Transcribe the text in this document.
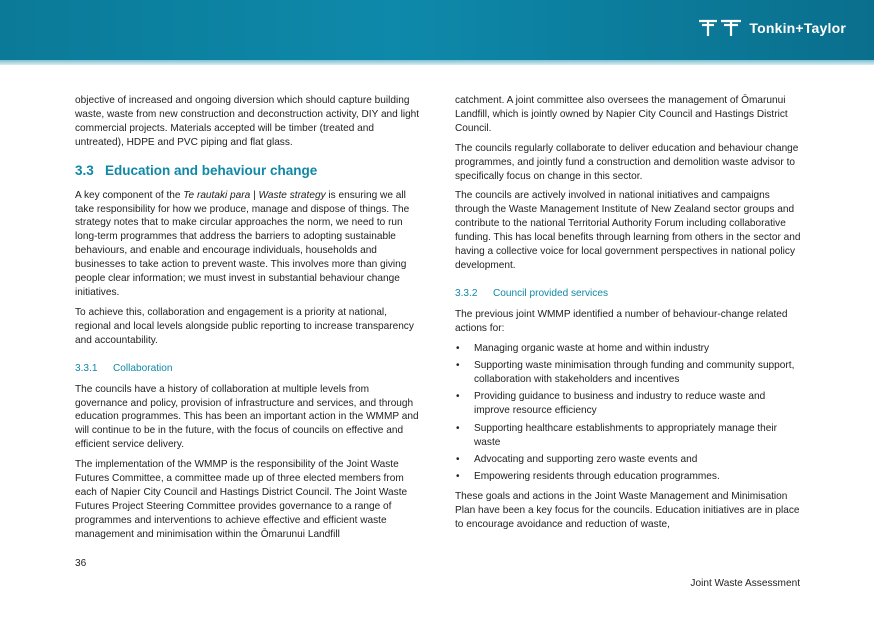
Tonkin+Taylor

objective of increased and ongoing diversion which should capture building waste, waste from new construction and deconstruction activity, DIY and light commercial projects. Materials accepted will be timber (treated and untreated), HDPE and PVC piping and flat glass.

3.3 Education and behaviour change

A key component of the Te rautaki para | Waste strategy is ensuring we all take responsibility for how we produce, manage and dispose of things. The strategy notes that to make circular approaches the norm, we need to run long-term programmes that address the barriers to adopting sustainable behaviours, and enable and encourage individuals, households and businesses to take action to prevent waste. This involves more than giving people clear information; we must invest in substantial behaviour change initiatives.

To achieve this, collaboration and engagement is a priority at national, regional and local levels alongside public reporting to increase transparency and accountability.

3.3.1 Collaboration

The councils have a history of collaboration at multiple levels from governance and policy, provision of infrastructure and services, and through education programmes. This has been an important action in the WMMP and will continue to be in the future, with the focus of councils on effective and efficient service delivery.

The implementation of the WMMP is the responsibility of the Joint Waste Futures Committee, a committee made up of three elected members from each of Napier City Council and Hastings District Council. The Joint Waste Futures Project Steering Committee provides governance to a range of programmes and interventions to achieve effective and efficient waste management and minimisation within the Ōmarunui Landfill

catchment. A joint committee also oversees the management of Ōmarunui Landfill, which is jointly owned by Napier City Council and Hastings District Council.

The councils regularly collaborate to deliver education and behaviour change programmes, and jointly fund a construction and demolition waste advisor to specifically focus on change in this sector.

The councils are actively involved in national initiatives and campaigns through the Waste Management Institute of New Zealand sector groups and contribute to the national Territorial Authority Forum including collaborative funding. This has local benefits through learning from others in the sector and having a collective voice for local government perspectives in national policy development.

3.3.2 Council provided services

The previous joint WMMP identified a number of behaviour-change related actions for:

• Managing organic waste at home and within industry
• Supporting waste minimisation through funding and community support, collaboration with stakeholders and incentives
• Providing guidance to business and industry to reduce waste and improve resource efficiency
• Supporting healthcare establishments to appropriately manage their waste
• Advocating and supporting zero waste events and
• Empowering residents through education programmes.

These goals and actions in the Joint Waste Management and Minimisation Plan have been a key focus for the councils. Education initiatives are in place to encourage avoidance and reduction of waste,

36
Joint Waste Assessment
